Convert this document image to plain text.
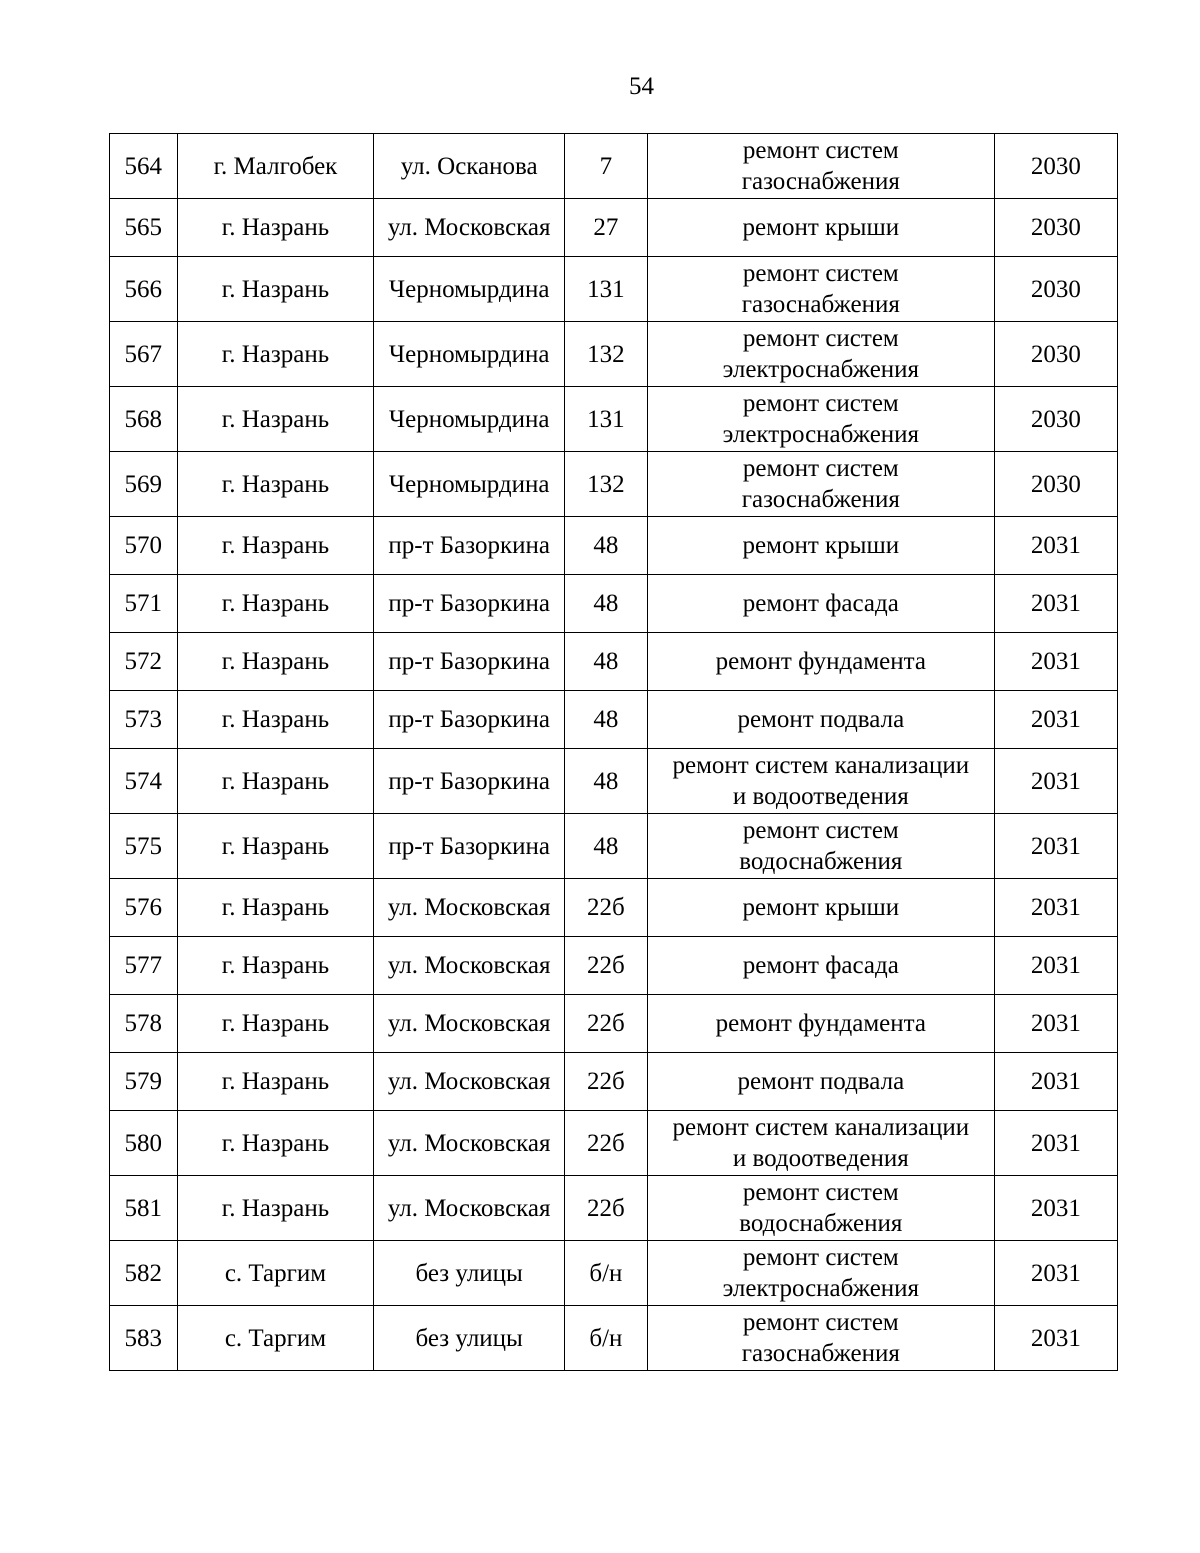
54
564	г. Малгобек	ул. Осканова	7	ремонт систем
газоснабжения	2030
565	г. Назрань	ул. Московская	27	ремонт крыши	2030
566	г. Назрань	Черномырдина	131	ремонт систем
газоснабжения	2030
567	г. Назрань	Черномырдина	132	ремонт систем
электроснабжения	2030
568	г. Назрань	Черномырдина	131	ремонт систем
электроснабжения	2030
569	г. Назрань	Черномырдина	132	ремонт систем
газоснабжения	2030
570	г. Назрань	пр-т Базоркина	48	ремонт крыши	2031
571	г. Назрань	пр-т Базоркина	48	ремонт фасада	2031
572	г. Назрань	пр-т Базоркина	48	ремонт фундамента	2031
573	г. Назрань	пр-т Базоркина	48	ремонт подвала	2031
574	г. Назрань	пр-т Базоркина	48	ремонт систем канализации
и водоотведения	2031
575	г. Назрань	пр-т Базоркина	48	ремонт систем
водоснабжения	2031
576	г. Назрань	ул. Московская	22б	ремонт крыши	2031
577	г. Назрань	ул. Московская	22б	ремонт фасада	2031
578	г. Назрань	ул. Московская	22б	ремонт фундамента	2031
579	г. Назрань	ул. Московская	22б	ремонт подвала	2031
580	г. Назрань	ул. Московская	22б	ремонт систем канализации
и водоотведения	2031
581	г. Назрань	ул. Московская	22б	ремонт систем
водоснабжения	2031
582	с. Таргим	без улицы	б/н	ремонт систем
электроснабжения	2031
583	с. Таргим	без улицы	б/н	ремонт систем
газоснабжения	2031
